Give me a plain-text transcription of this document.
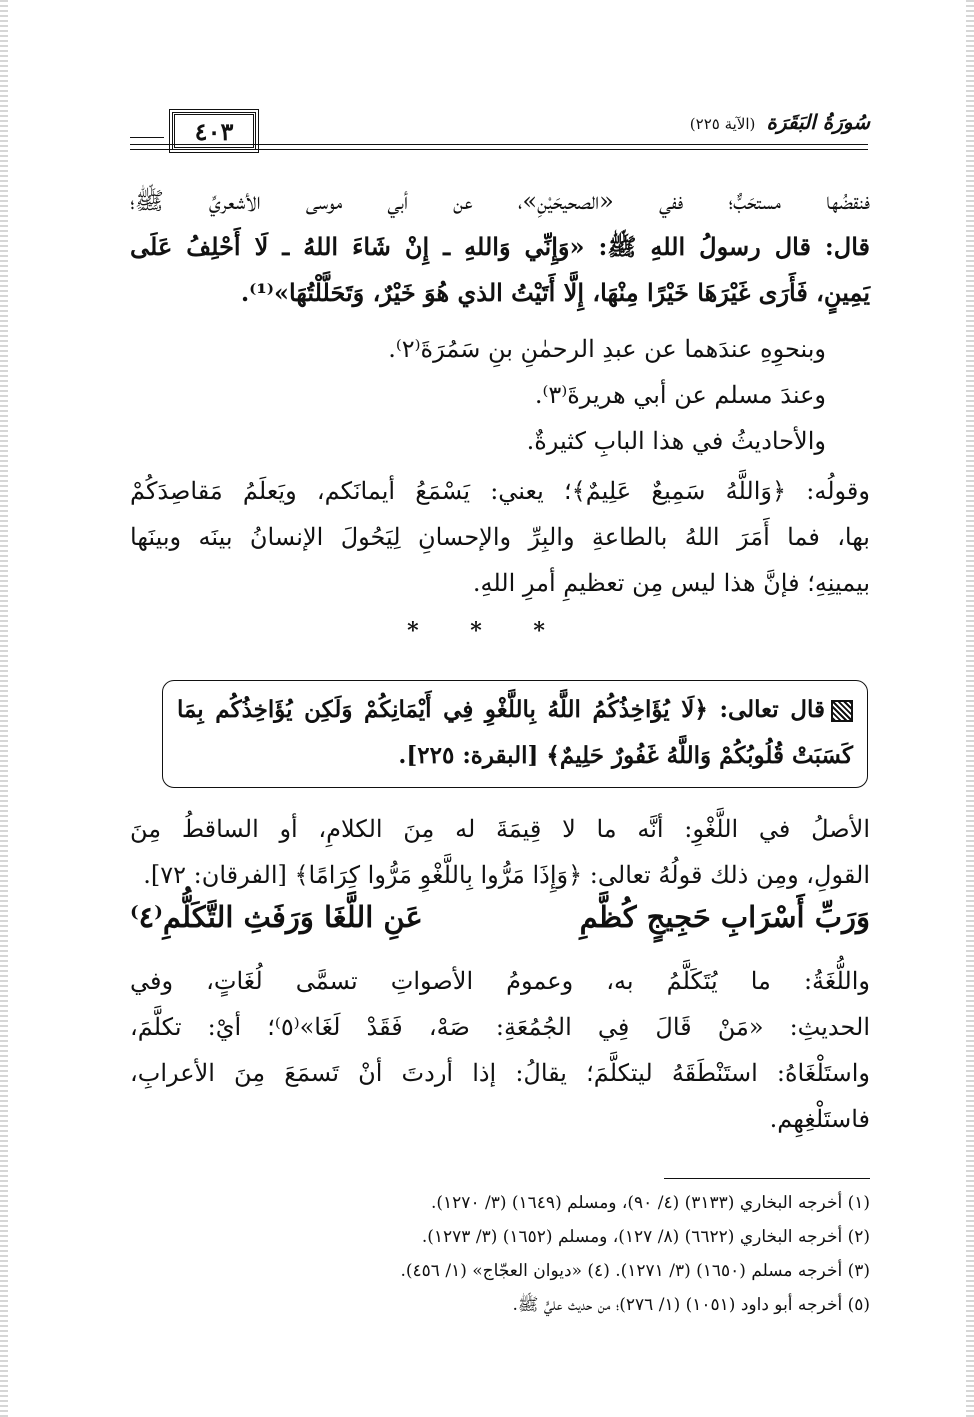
٤٠٣	سُورَةُ البَقَرَة (الآية ٢٢٥)
فنقضُها مستحَبٌّ؛ ففي «الصحيحَيْنِ»، عن أبي موسى الأشعريِّ ﷺ؛
قال: قال رسولُ اللهِ ﷺ: «وَإِنِّي وَاللهِ ـ إِنْ شَاءَ اللهُ ـ لَا أَحْلِفُ عَلَى
يَمِينٍ، فَأَرَى غَيْرَهَا خَيْرًا مِنْهَا، إِلَّا أَتَيْتُ الذي هُوَ خَيْرٌ، وَتَحَلَّلْتُهَا»⁽¹⁾.
وبنحوِهِ عندَهما عن عبدِ الرحمٰنِ بنِ سَمُرَةَ⁽٢⁾.
وعندَ مسلم عن أبي هريرةَ⁽٣⁾.
والأحاديثُ في هذا البابِ كثيرةٌ.
وقولُه: ﴿وَاللَّهُ سَمِيعٌ عَلِيمٌ﴾؛ يعني: يَسْمَعُ أيمانَكم، ويَعلَمُ مَقاصِدَكُمْ
بها، فما أَمَرَ اللهُ بالطاعةِ والبِرِّ والإحسانِ لِيَحُولَ الإنسانُ بينَه وبينَها
بيمينِهِ؛ فإنَّ هذا ليس مِن تعظيمِ أمرِ اللهِ.
* * *
قال تعالى: ﴿لَا يُؤَاخِذُكُمُ اللَّهُ بِاللَّغْوِ فِي أَيْمَانِكُمْ وَلَكِن يُؤَاخِذُكُم بِمَا
كَسَبَتْ قُلُوبُكُمْ وَاللَّهُ غَفُورٌ حَلِيمٌ﴾ [البقرة: ٢٢٥].
الأصلُ في اللَّغْوِ: أنَّه ما لا قِيمَةَ له مِنَ الكلامِ، أو الساقطُ مِنَ
القولِ، ومِن ذلك قولُهُ تعالى: ﴿وَإِذَا مَرُّوا بِاللَّغْوِ مَرُّوا كِرَامًا﴾ [الفرقان: ٧٢].
وَرَبِّ أَسْرَابِ حَجِيجٍ كُظَّمِ
عَنِ اللَّغَا وَرَفَثِ التَّكَلُّمِ⁽٤⁾
واللُّغَةُ: ما يُتَكَلَّمُ به، وعمومُ الأصواتِ تسمَّى لُغَاتٍ، وفي
الحديثِ: «مَنْ قَالَ فِي الجُمُعَةِ: صَهْ، فَقَدْ لَغَا»⁽٥⁾؛ أيْ: تكلَّمَ،
واستَلْغَاهُ: استَنْطَقَهُ ليتكلَّمَ؛ يقالُ: إذا أردتَ أنْ تَسمَعَ مِنَ الأعرابِ،
فاستَلْغِهِم.
(١) أخرجه البخاري (٣١٣٣) (٤/ ٩٠)، ومسلم (١٦٤٩) (٣/ ١٢٧٠).
(٢) أخرجه البخاري (٦٦٢٢) (٨/ ١٢٧)، ومسلم (١٦٥٢) (٣/ ١٢٧٣).
(٣) أخرجه مسلم (١٦٥٠) (٣/ ١٢٧١). (٤) «ديوان العجّاج» (١/ ٤٥٦).
(٥) أخرجه أبو داود (١٠٥١) (١/ ٢٧٦)؛ من حديث عليٍّ ﷺ.
